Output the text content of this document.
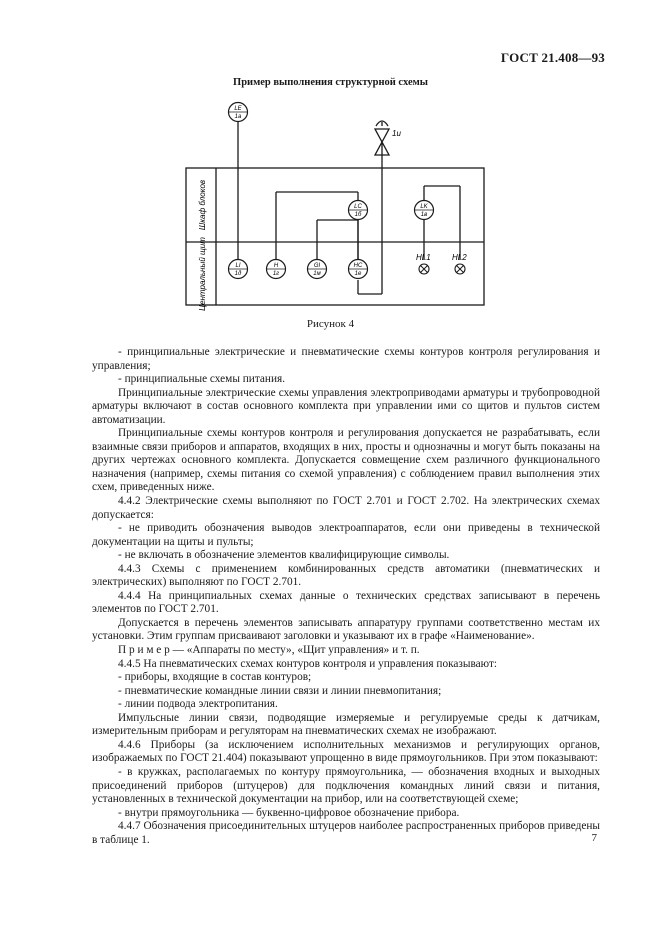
ГОСТ 21.408—93
Пример выполнения структурной схемы
LE
1а
LC
1б
LK
1в
LI
1д
H
1г
GI
1м
HC
1е
HL1	HL2
1и
Шкаф блоков
Центральный щит
Рисунок 4

- принципиальные электрические и пневматические схемы контуров контроля регулирования и управления;

- принципиальные схемы питания.

Принципиальные электрические схемы управления электроприводами арматуры и трубопроводной арматуры включают в состав основного комплекта при управлении ими со щитов и пультов систем автоматизации.

Принципиальные схемы контуров контроля и регулирования допускается не разрабатывать, если взаимные связи приборов и аппаратов, входящих в них, просты и однозначны и могут быть показаны на других чертежах основного комплекта. Допускается совмещение схем различного функционального назначения (например, схемы питания со схемой управления) с соблюдением правил выполнения этих схем, приведенных ниже.

4.4.2 Электрические схемы выполняют по ГОСТ 2.701 и ГОСТ 2.702. На электрических схемах допускается:

- не приводить обозначения выводов электроаппаратов, если они приведены в технической документации на щиты и пульты;

- не включать в обозначение элементов квалифицирующие символы.

4.4.3 Схемы с применением комбинированных средств автоматики (пневматических и электрических) выполняют по ГОСТ 2.701.

4.4.4 На принципиальных схемах данные о технических средствах записывают в перечень элементов по ГОСТ 2.701.

Допускается в перечень элементов записывать аппаратуру группами соответственно местам их установки. Этим группам присваивают заголовки и указывают их в графе «Наименование».

П р и м е р — «Аппараты по месту», «Щит управления» и т. п.

4.4.5 На пневматических схемах контуров контроля и управления показывают:

- приборы, входящие в состав контуров;

- пневматические командные линии связи и линии пневмопитания;

- линии подвода электропитания.

Импульсные линии связи, подводящие измеряемые и регулируемые среды к датчикам, измерительным приборам и регуляторам на пневматических схемах не изображают.

4.4.6 Приборы (за исключением исполнительных механизмов и регулирующих органов, изображаемых по ГОСТ 21.404) показывают упрощенно в виде прямоугольников. При этом показывают:

- в кружках, располагаемых по контуру прямоугольника, — обозначения входных и выходных присоединений приборов (штуцеров) для подключения командных линий связи и питания, установленных в технической документации на прибор, или на соответствующей схеме;

- внутри прямоугольника — буквенно-цифровое обозначение прибора.

4.4.7 Обозначения присоединительных штуцеров наиболее распространенных приборов приведены в таблице 1.	7
